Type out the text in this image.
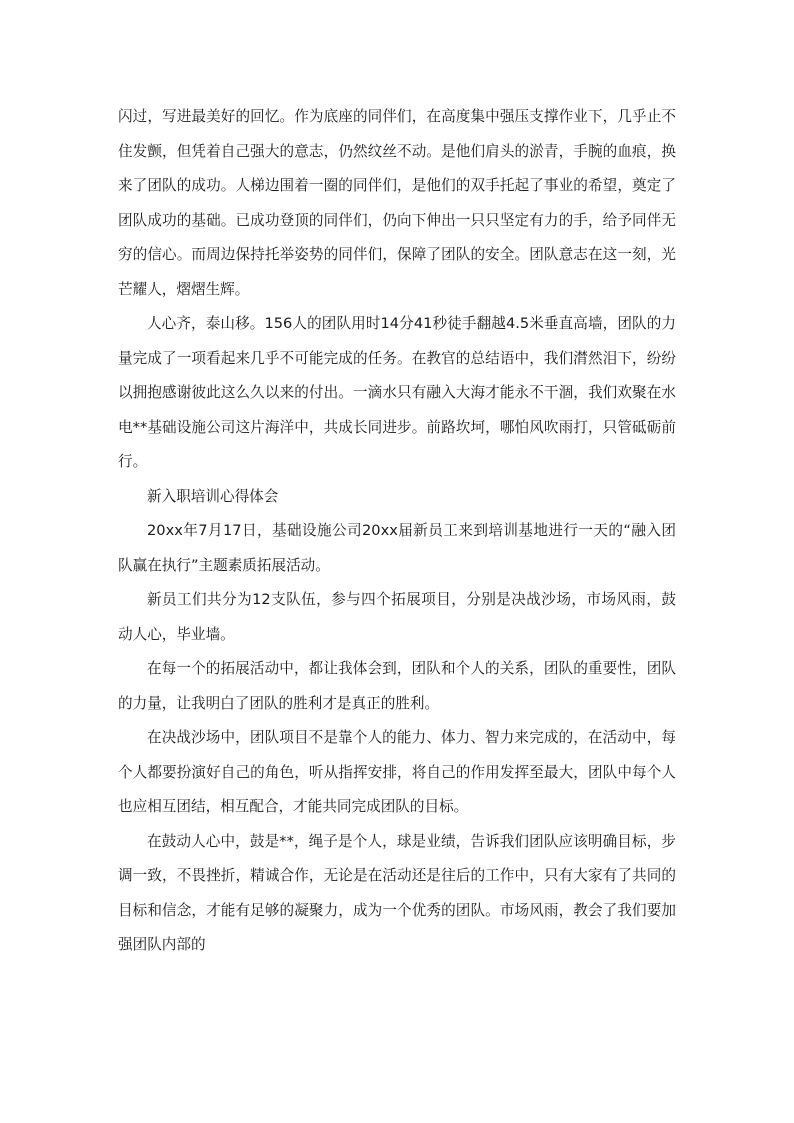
闪过，写进最美好的回忆。作为底座的同伴们，在高度集中强压支撑作业下，几乎止不住发颤，但凭着自己强大的意志，仍然纹丝不动。是他们肩头的淤青，手腕的血痕，换来了团队的成功。人梯边围着一圈的同伴们，是他们的双手托起了事业的希望，奠定了团队成功的基础。已成功登顶的同伴们，仍向下伸出一只只坚定有力的手，给予同伴无穷的信心。而周边保持托举姿势的同伴们，保障了团队的安全。团队意志在这一刻，光芒耀人，熠熠生辉。

人心齐，泰山移。156人的团队用时14分41秒徒手翻越4.5米垂直高墙，团队的力量完成了一项看起来几乎不可能完成的任务。在教官的总结语中，我们潸然泪下，纷纷以拥抱感谢彼此这么久以来的付出。一滴水只有融入大海才能永不干涸，我们欢聚在水电**基础设施公司这片海洋中，共成长同进步。前路坎坷，哪怕风吹雨打，只管砥砺前行。

新入职培训心得体会

20xx年7月17日，基础设施公司20xx届新员工来到培训基地进行一天的“融入团队赢在执行”主题素质拓展活动。

新员工们共分为12支队伍，参与四个拓展项目，分别是决战沙场，市场风雨，鼓动人心，毕业墙。

在每一个的拓展活动中，都让我体会到，团队和个人的关系，团队的重要性，团队的力量，让我明白了团队的胜利才是真正的胜利。

在决战沙场中，团队项目不是靠个人的能力、体力、智力来完成的，在活动中，每个人都要扮演好自己的角色，听从指挥安排，将自己的作用发挥至最大，团队中每个人也应相互团结，相互配合，才能共同完成团队的目标。

在鼓动人心中，鼓是**，绳子是个人，球是业绩，告诉我们团队应该明确目标，步调一致，不畏挫折，精诚合作，无论是在活动还是往后的工作中，只有大家有了共同的目标和信念，才能有足够的凝聚力，成为一个优秀的团队。市场风雨，教会了我们要加强团队内部的
